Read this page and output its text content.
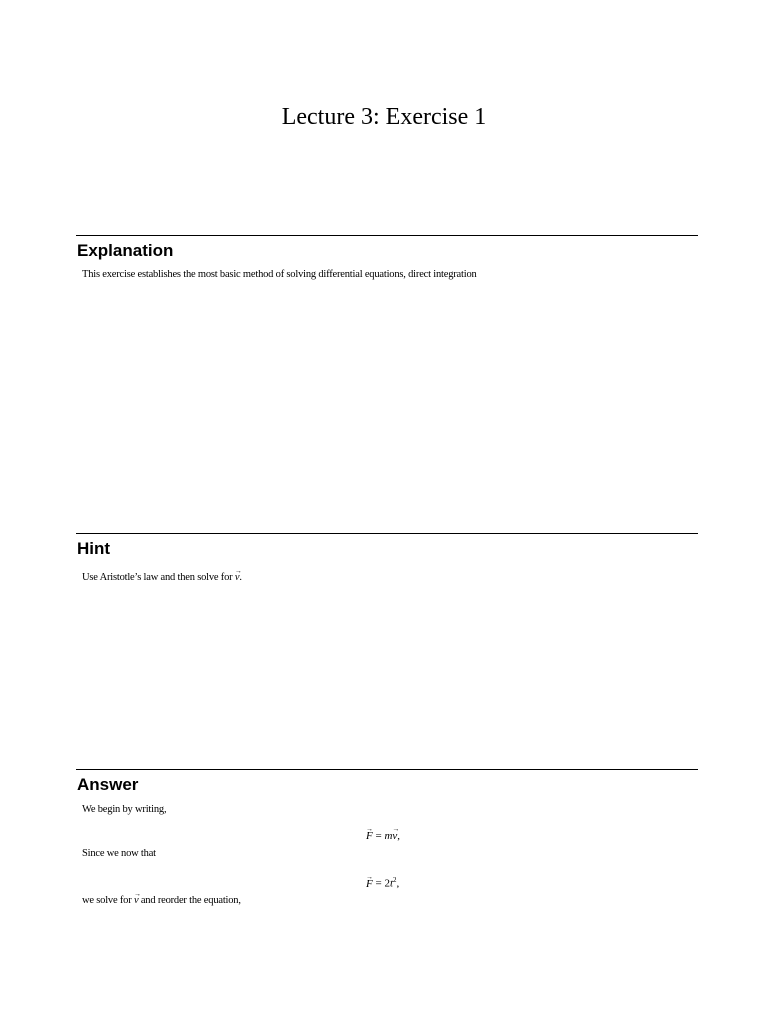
Lecture 3: Exercise 1
Explanation

This exercise establishes the most basic method of solving differential equations, direct integration

Hint

Use Aristotle’s law and then solve for → v.

Answer

We begin by writing,

→ F = m→ v,

Since we now that

→ $F = 2t^2$,

we solve for → v and reorder the equation,
